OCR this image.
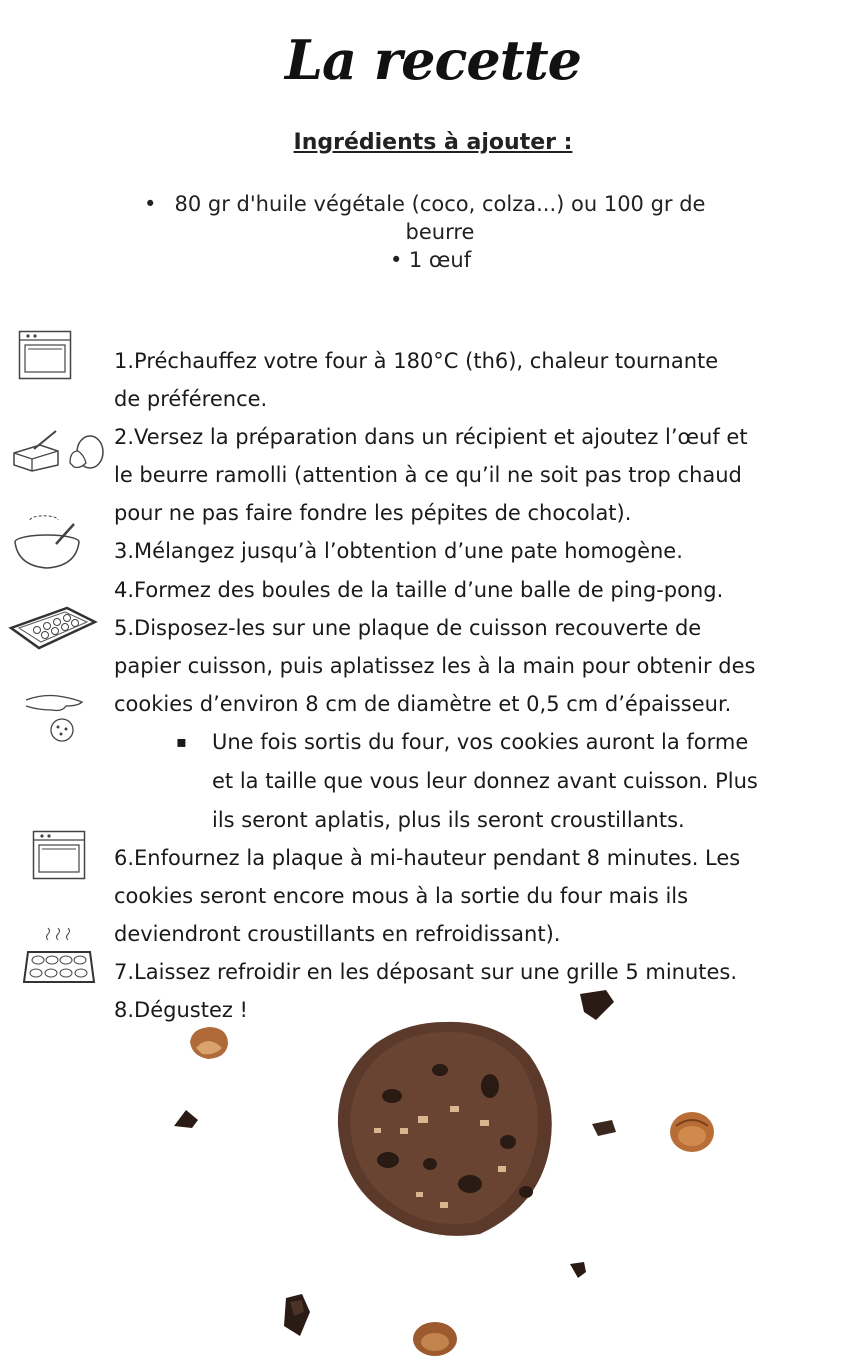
La recette
Ingrédients à ajouter :
• 80 gr d'huile végétale (coco, colza...) ou 100 gr de
beurre
• 1 œuf
1.Préchauffez votre four à 180°C (th6), chaleur tournante
de préférence.
2.Versez la préparation dans un récipient et ajoutez l’œuf et
le beurre ramolli (attention à ce qu’il ne soit pas trop chaud
pour ne pas faire fondre les pépites de chocolat).
3.Mélangez jusqu’à l’obtention d’une pate homogène.
4.Formez des boules de la taille d’une balle de ping-pong.
5.Disposez-les sur une plaque de cuisson recouverte de
papier cuisson, puis aplatissez les à la main pour obtenir des
cookies d’environ 8 cm de diamètre et 0,5 cm d’épaisseur.
▪ Une fois sortis du four, vos cookies auront la forme
et la taille que vous leur donnez avant cuisson. Plus
ils seront aplatis, plus ils seront croustillants.
6.Enfournez la plaque à mi-hauteur pendant 8 minutes. Les
cookies seront encore mous à la sortie du four mais ils
deviendront croustillants en refroidissant).
7.Laissez refroidir en les déposant sur une grille 5 minutes.
8.Dégustez !
